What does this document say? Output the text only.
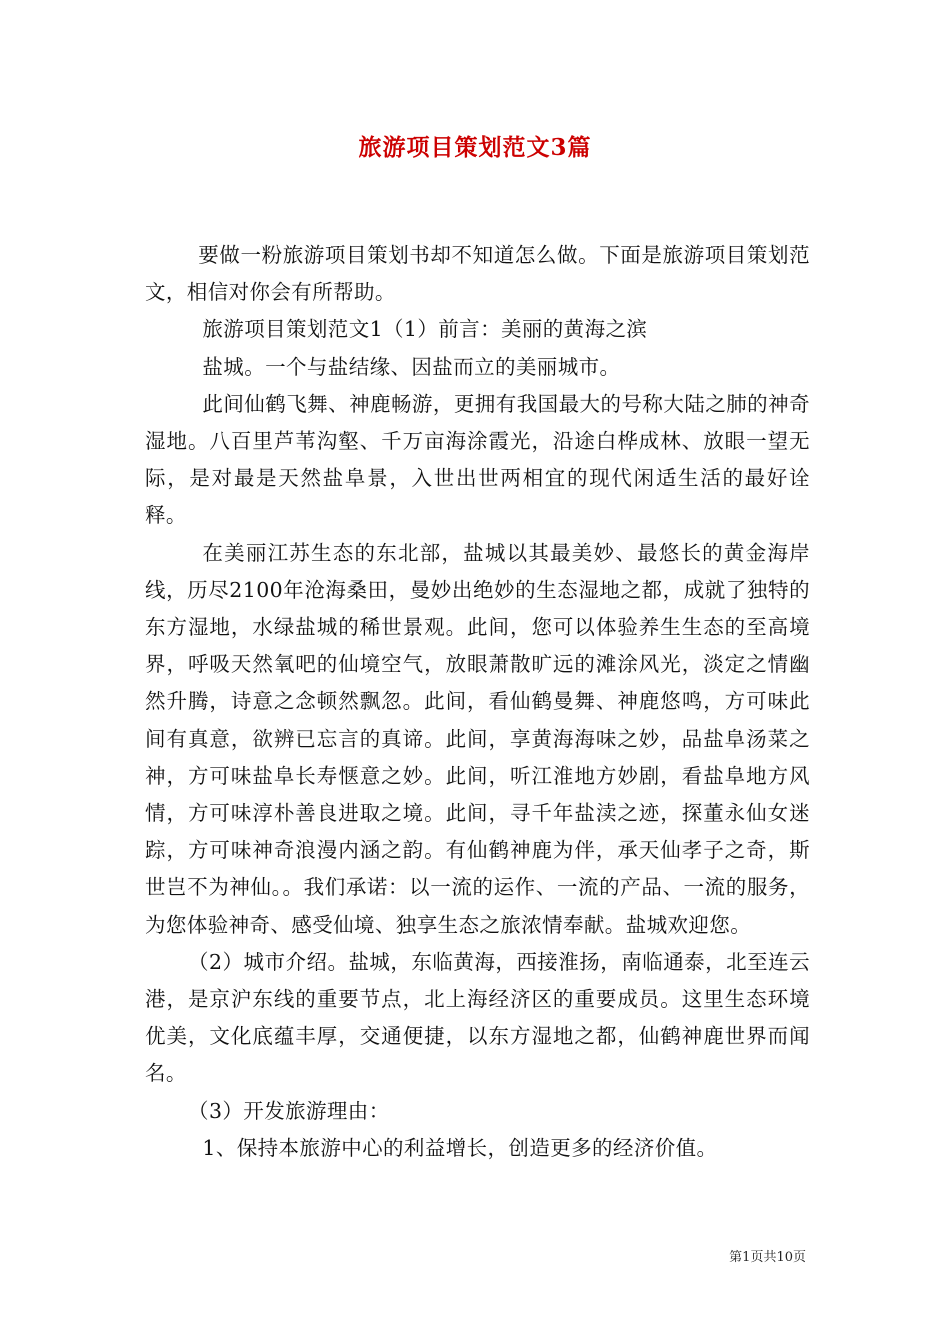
旅游项目策划范文3篇

要做一粉旅游项目策划书却不知道怎么做。下面是旅游项目策划范文，相信对你会有所帮助。

旅游项目策划范文1（1）前言：美丽的黄海之滨

盐城。一个与盐结缘、因盐而立的美丽城市。

此间仙鹤飞舞、神鹿畅游，更拥有我国最大的号称大陆之肺的神奇湿地。八百里芦苇沟壑、千万亩海涂霞光，沿途白桦成林、放眼一望无际，是对最是天然盐阜景，入世出世两相宜的现代闲适生活的最好诠释。

在美丽江苏生态的东北部，盐城以其最美妙、最悠长的黄金海岸线，历尽2100年沧海桑田，曼妙出绝妙的生态湿地之都，成就了独特的东方湿地，水绿盐城的稀世景观。此间，您可以体验养生生态的至高境界，呼吸天然氧吧的仙境空气，放眼萧散旷远的滩涂风光，淡定之情幽然升腾，诗意之念顿然飘忽。此间，看仙鹤曼舞、神鹿悠鸣，方可味此间有真意，欲辨已忘言的真谛。此间，享黄海海味之妙，品盐阜汤菜之神，方可味盐阜长寿惬意之妙。此间，听江淮地方妙剧，看盐阜地方风情，方可味淳朴善良进取之境。此间，寻千年盐渎之迹，探董永仙女迷踪，方可味神奇浪漫内涵之韵。有仙鹤神鹿为伴，承天仙孝子之奇，斯世岂不为神仙。。我们承诺：以一流的运作、一流的产品、一流的服务，为您体验神奇、感受仙境、独享生态之旅浓情奉献。盐城欢迎您。

（2）城市介绍。盐城，东临黄海，西接淮扬，南临通泰，北至连云港，是京沪东线的重要节点，北上海经济区的重要成员。这里生态环境优美，文化底蕴丰厚，交通便捷，以东方湿地之都，仙鹤神鹿世界而闻名。

（3）开发旅游理由：

1、保持本旅游中心的利益增长，创造更多的经济价值。

第1页共10页
